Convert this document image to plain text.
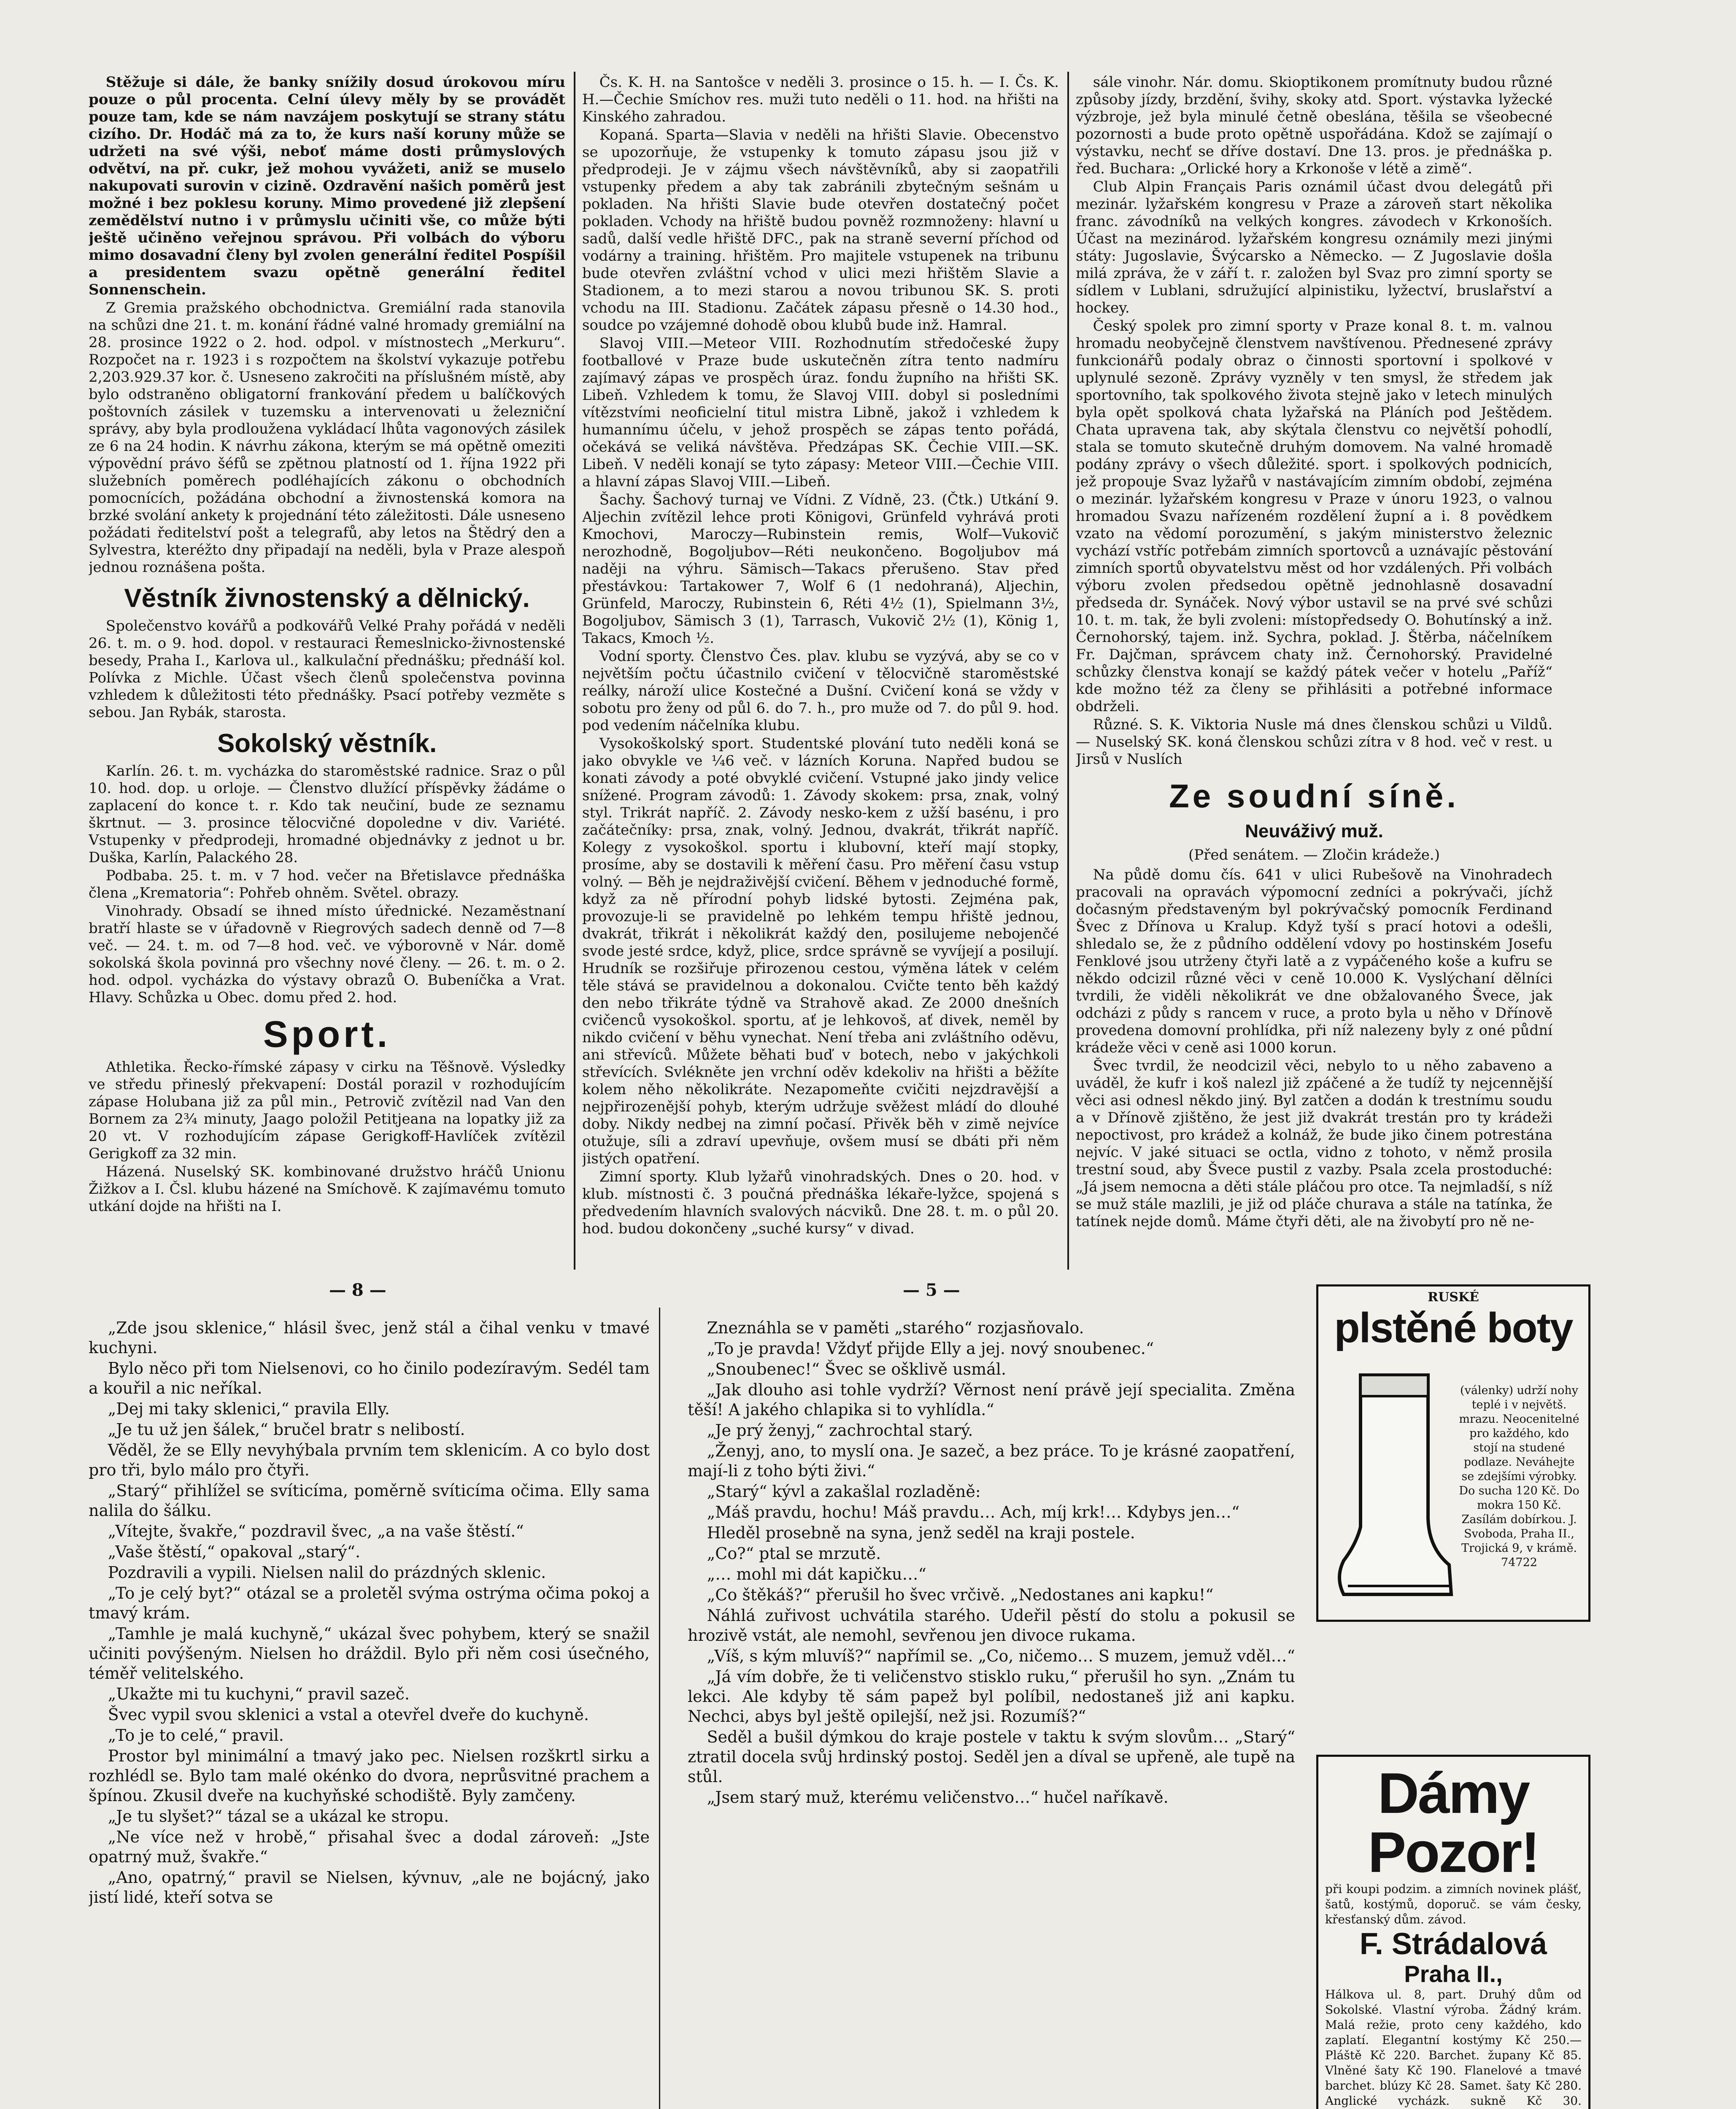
Stěžuje si dále, že banky snížily dosud úrokovou míru pouze o půl procenta. Celní úlevy měly by se provádět pouze tam, kde se nám navzájem poskytují se strany státu cizího. Dr. Hodáč má za to, že kurs naší koruny může se udržeti na své výši, neboť máme dosti průmyslových odvětví, na př. cukr, jež mohou vyvážeti, aniž se muselo nakupovati surovin v cizině. Ozdravění našich poměrů jest možné i bez poklesu koruny. Mimo provedené již zlepšení zemědělství nutno i v průmyslu učiniti vše, co může býti ještě učiněno veřejnou správou. Při volbách do výboru mimo dosavadní členy byl zvolen generální ředitel Pospíšil a presidentem svazu opětně generální ředitel Sonnenschein.

Z Gremia pražského obchodnictva. Gremiální rada stanovila na schůzi dne 21. t. m. konání řádné valné hromady gremiální na 28. prosince 1922 o 2. hod. odpol. v místnostech „Merkuru“. Rozpočet na r. 1923 i s rozpočtem na školství vykazuje potřebu 2,203.929.37 kor. č. Usneseno zakročiti na příslušném místě, aby bylo odstraněno obligatorní frankování předem u balíčkových poštovních zásilek v tuzemsku a intervenovati u železniční správy, aby byla prodloužena vykládací lhůta vagonových zásilek ze 6 na 24 hodin. K návrhu zákona, kterým se má opětně omeziti výpovědní právo šéfů se zpětnou platností od 1. října 1922 při služebních poměrech podléhajících zákonu o obchodních pomocnících, požádána obchodní a živnostenská komora na brzké svolání ankety k projednání této záležitosti. Dále usneseno požádati ředitelství pošt a telegrafů, aby letos na Štědrý den a Sylvestra, kteréžto dny připadají na neděli, byla v Praze alespoň jednou roznášena pošta.

Věstník živnostenský a dělnický.

Společenstvo kovářů a podkovářů Velké Prahy pořádá v neděli 26. t. m. o 9. hod. dopol. v restauraci Řemeslnicko-živnostenské besedy, Praha I., Karlova ul., kalkulační přednášku; přednáší kol. Polívka z Michle. Účast všech členů společenstva povinna vzhledem k důležitosti této přednášky. Psací potřeby vezměte s sebou. Jan Rybák, starosta.

Sokolský věstník.

Karlín. 26. t. m. vycházka do staroměstské radnice. Sraz o půl 10. hod. dop. u orloje. — Členstvo dlužící příspěvky žádáme o zaplacení do konce t. r. Kdo tak neučiní, bude ze seznamu škrtnut. — 3. prosince tělocvičné dopoledne v div. Variété. Vstupenky v předprodeji, hromadné objednávky z jednot u br. Duška, Karlín, Palackého 28.

Podbaba. 25. t. m. v 7 hod. večer na Břetislavce přednáška člena „Krematoria“: Pohřeb ohněm. Světel. obrazy.

Vinohrady. Obsadí se ihned místo úřednické. Nezaměstnaní bratří hlaste se v úřadovně v Riegrových sadech denně od 7—8 več. — 24. t. m. od 7—8 hod. več. ve výborovně v Nár. domě sokolská škola povinná pro všechny nové členy. — 26. t. m. o 2. hod. odpol. vycházka do výstavy obrazů O. Bubeníčka a Vrat. Hlavy. Schůzka u Obec. domu před 2. hod.

Sport.

Athletika. Řecko-římské zápasy v cirku na Těšnově. Výsledky ve středu přineslý překvapení: Dostál porazil v rozhodujícím zápase Holubana již za půl min., Petrovič zvítězil nad Van den Bornem za 2¾ minuty, Jaago položil Petitjeana na lopatky již za 20 vt. V rozhodujícím zápase Gerigkoff-Havlíček zvítězil Gerigkoff za 32 min.

Házená. Nuselský SK. kombinované družstvo hráčů Unionu Žižkov a I. Čsl. klubu házené na Smíchově. K zajímavému tomuto utkání dojde na hřišti na I.

Čs. K. H. na Santošce v neděli 3. prosince o 15. h. — I. Čs. K. H.—Čechie Smíchov res. muži tuto neděli o 11. hod. na hřišti na Kinského zahradou.

Kopaná. Sparta—Slavia v neděli na hřišti Slavie. Obecenstvo se upozorňuje, že vstupenky k tomuto zápasu jsou již v předprodeji. Je v zájmu všech návštěvníků, aby si zaopatřili vstupenky předem a aby tak zabránili zbytečným sešnám u pokladen. Na hřišti Slavie bude otevřen dostatečný počet pokladen. Vchody na hřiště budou povněž rozmnoženy: hlavní u sadů, další vedle hřiště DFC., pak na straně severní příchod od vodárny a training. hřištěm. Pro majitele vstupenek na tribunu bude otevřen zvláštní vchod v ulici mezi hřištěm Slavie a Stadionem, a to mezi starou a novou tribunou SK. S. proti vchodu na III. Stadionu. Začátek zápasu přesně o 14.30 hod., soudce po vzájemné dohodě obou klubů bude inž. Hamral.

Slavoj VIII.—Meteor VIII. Rozhodnutím středočeské župy footballové v Praze bude uskutečněn zítra tento nadmíru zajímavý zápas ve prospěch úraz. fondu župního na hřišti SK. Libeň. Vzhledem k tomu, že Slavoj VIII. dobyl si posledními vítězstvími neoficielní titul mistra Libně, jakož i vzhledem k humannímu účelu, v jehož prospěch se zápas tento pořádá, očekává se veliká návštěva. Předzápas SK. Čechie VIII.—SK. Libeň. V neděli konají se tyto zápasy: Meteor VIII.—Čechie VIII. a hlavní zápas Slavoj VIII.—Libeň.

Šachy. Šachový turnaj ve Vídni. Z Vídně, 23. (Čtk.) Utkání 9. Aljechin zvítězil lehce proti Königovi, Grünfeld vyhrává proti Kmochovi, Maroczy—Rubinstein remis, Wolf—Vukovič nerozhodně, Bogoljubov—Réti neukončeno. Bogoljubov má naději na výhru. Sämisch—Takacs přerušeno. Stav před přestávkou: Tartakower 7, Wolf 6 (1 nedohraná), Aljechin, Grünfeld, Maroczy, Rubinstein 6, Réti 4½ (1), Spielmann 3½, Bogoljubov, Sämisch 3 (1), Tarrasch, Vukovič 2½ (1), König 1, Takacs, Kmoch ½.

Vodní sporty. Členstvo Čes. plav. klubu se vyzývá, aby se co v největším počtu účastnilo cvičení v tělocvičně staroměstské reálky, nároží ulice Kostečné a Dušní. Cvičení koná se vždy v sobotu pro ženy od půl 6. do 7. h., pro muže od 7. do půl 9. hod. pod vedením náčelníka klubu.

Vysokoškolský sport. Studentské plování tuto neděli koná se jako obvykle ve ¼6 več. v lázních Koruna. Napřed budou se konati závody a poté obvyklé cvičení. Vstupné jako jindy velice snížené. Program závodů: 1. Závody skokem: prsa, znak, volný styl. Trikrát napříč. 2. Závody nesko-kem z užší basénu, i pro začátečníky: prsa, znak, volný. Jednou, dvakrát, třikrát napříč. Kolegy z vysokoškol. sportu i klubovní, kteří mají stopky, prosíme, aby se dostavili k měření času. Pro měření času vstup volný. — Běh je nejdraživější cvičení. Během v jednoduché formě, když za ně přírodní pohyb lidské bytosti. Zejména pak, provozuje-li se pravidelně po lehkém tempu hřiště jednou, dvakrát, třikrát i několikrát každý den, posilujeme nebojenčé svode jesté srdce, když, plice, srdce správně se vyvíjejí a posilují. Hrudník se rozšiřuje přirozenou cestou, výměna látek v celém těle stává se pravidelnou a dokonalou. Cvičte tento běh každý den nebo třikráte týdně va Strahově akad. Ze 2000 dnešních cvičenců vysokoškol. sportu, ať je lehkovoš, ať divek, neměl by nikdo cvičení v běhu vynechat. Není třeba ani zvláštního oděvu, ani střevíců. Můžete běhati buď v botech, nebo v jakýchkoli střevících. Svlékněte jen vrchní oděv kdekoliv na hřišti a běžíte kolem něho několikráte. Nezapomeňte cvičiti nejzdravější a nejpřirozenější pohyb, kterým udržuje svěžest mládí do dlouhé doby. Nikdy nedbej na zimní počasí. Přivěk běh v zimě nejvíce otužuje, síli a zdraví upevňuje, ovšem musí se dbáti při něm jistých opatření.

Zimní sporty. Klub lyžařů vinohradských. Dnes o 20. hod. v klub. místnosti č. 3 poučná přednáška lékaře-lyžce, spojená s předvedením hlavních svalových nácviků. Dne 28. t. m. o půl 20. hod. budou dokončeny „suché kursy“ v divad.

sále vinohr. Nár. domu. Skioptikonem promítnuty budou různé způsoby jízdy, brzdění, švihy, skoky atd. Sport. výstavka lyžecké výzbroje, jež byla minulé četně obeslána, těšila se všeobecné pozornosti a bude proto opětně uspořádána. Kdož se zajímají o výstavku, nechť se dříve dostaví. Dne 13. pros. je přednáška p. řed. Buchara: „Orlické hory a Krkonoše v létě a zimě“.

Club Alpin Français Paris oznámil účast dvou delegátů při mezinár. lyžařském kongresu v Praze a zároveň start několika franc. závodníků na velkých kongres. závodech v Krkonoších. Účast na mezinárod. lyžařském kongresu oznámily mezi jinými státy: Jugoslavie, Švýcarsko a Německo. — Z Jugoslavie došla milá zpráva, že v září t. r. založen byl Svaz pro zimní sporty se sídlem v Lublani, sdružující alpinistiku, lyžectví, bruslařství a hockey.

Český spolek pro zimní sporty v Praze konal 8. t. m. valnou hromadu neobyčejně členstvem navštívenou. Přednesené zprávy funkcionářů podaly obraz o činnosti sportovní i spolkové v uplynulé sezoně. Zprávy vyzněly v ten smysl, že středem jak sportovního, tak spolkového života stejně jako v letech minulých byla opět spolková chata lyžařská na Pláních pod Ještědem. Chata upravena tak, aby skýtala členstvu co největší pohodlí, stala se tomuto skutečně druhým domovem. Na valné hromadě podány zprávy o všech důležité. sport. i spolkových podnicích, jež propouje Svaz lyžařů v nastávajícím zimním období, zejména o mezinár. lyžařském kongresu v Praze v únoru 1923, o valnou hromadou Svazu nařízeném rozdělení župní a i. 8 povědkem vzato na vědomí porozumění, s jakým ministerstvo železnic vychází vstříc potřebám zimních sportovců a uznávajíc pěstování zimních sportů obyvatelstvu měst od hor vzdálených. Při volbách výboru zvolen předsedou opětně jednohlasně dosavadní předseda dr. Synáček. Nový výbor ustavil se na prvé své schůzi 10. t. m. tak, že byli zvoleni: místopředsedy O. Bohutínský a inž. Černohorský, tajem. inž. Sychra, poklad. J. Štěrba, náčelníkem Fr. Dajčman, správcem chaty inž. Černohorský. Pravidelné schůzky členstva konají se každý pátek večer v hotelu „Paříž“ kde možno též za členy se přihlásiti a potřebné informace obdrželi.

Různé. S. K. Viktoria Nusle má dnes členskou schůzi u Vildů. — Nuselský SK. koná členskou schůzi zítra v 8 hod. več v rest. u Jirsů v Nuslích

Ze soudní síně.
Neuváživý muž.
(Před senátem. — Zločin krádeže.)

Na půdě domu čís. 641 v ulici Rubešově na Vinohradech pracovali na opravách výpomocní zedníci a pokrývači, jíchž dočasným představeným byl pokrývačský pomocník Ferdinand Švec z Dřínova u Kralup. Když tyší s prací hotovi a odešli, shledalo se, že z půdního oddělení vdovy po hostinském Josefu Fenklové jsou utrženy čtyři latě a z vypáčeného koše a kufru se někdo odcizil různé věci v ceně 10.000 K. Vyslýchaní dělníci tvrdili, že viděli několikrát ve dne obžalovaného Švece, jak odcházi z půdy s rancem v ruce, a proto byla u něho v Dřínově provedena domovní prohlídka, při níž nalezeny byly z oné půdní krádeže věci v ceně asi 1000 korun.

Švec tvrdil, že neodcizil věci, nebylo to u něho zabaveno a uváděl, že kufr i koš nalezl již zpáčené a že tudíž ty nejcennější věci asi odnesl někdo jiný. Byl zatčen a dodán k trestnímu soudu a v Dřínově zjištěno, že jest již dvakrát trestán pro ty krádeži nepoctivost, pro krádež a kolnáž, že bude jiko činem potrestána nejvíc. V jaké situaci se octla, vidno z tohoto, v němž prosila trestní soud, aby Švece pustil z vazby. Psala zcela prostoduché: „Já jsem nemocna a děti stále pláčou pro otce. Ta nejmladší, s níž se muž stále mazlili, je již od pláče churava a stále na tatínka, že tatínek nejde domů. Máme čtyři děti, ale na živobytí pro ně ne-

— 8 —	— 5 —

„Zde jsou sklenice,“ hlásil švec, jenž stál a čihal venku v tmavé kuchyni.

Bylo něco při tom Nielsenovi, co ho činilo podezíravým. Sedél tam a kouřil a nic neříkal.

„Dej mi taky sklenici,“ pravila Elly.

„Je tu už jen šálek,“ bručel bratr s nelibostí.

Věděl, že se Elly nevyhýbala prvním tem sklenicím. A co bylo dost pro tři, bylo málo pro čtyři.

„Starý“ přihlížel se svíticíma, poměrně svíticíma očima. Elly sama nalila do šálku.

„Vítejte, švakře,“ pozdravil švec, „a na vaše štěstí.“

„Vaše štěstí,“ opakoval „starý“.

Pozdravili a vypili. Nielsen nalil do prázdných sklenic.

„To je celý byt?“ otázal se a proletěl svýma ostrýma očima pokoj a tmavý krám.

„Tamhle je malá kuchyně,“ ukázal švec pohybem, který se snažil učiniti povýšeným. Nielsen ho dráždil. Bylo při něm cosi úsečného, téměř velitelského.

„Ukažte mi tu kuchyni,“ pravil sazeč.

Švec vypil svou sklenici a vstal a otevřel dveře do kuchyně.

„To je to celé,“ pravil.

Prostor byl minimální a tmavý jako pec. Nielsen rozškrtl sirku a rozhlédl se. Bylo tam malé okénko do dvora, neprůsvitné prachem a špínou. Zkusil dveře na kuchyňské schodiště. Byly zamčeny.

„Je tu slyšet?“ tázal se a ukázal ke stropu.

„Ne více než v hrobě,“ přisahal švec a dodal zároveň: „Jste opatrný muž, švakře.“

„Ano, opatrný,“ pravil se Nielsen, kývnuv, „ale ne bojácný, jako jistí lidé, kteří sotva se

Zneznáhla se v paměti „starého“ rozjasňovalo.

„To je pravda! Vždyť přijde Elly a jej. nový snoubenec.“

„Snoubenec!“ Švec se ošklivě usmál.

„Jak dlouho asi tohle vydrží? Věrnost není právě její specialita. Změna těší! A jakého chlapika si to vyhlídla.“

„Je prý ženyj,“ zachrochtal starý.

„Ženyj, ano, to myslí ona. Je sazeč, a bez práce. To je krásné zaopatření, mají-li z toho býti živi.“

„Starý“ kývl a zakašlal rozladěně:

„Máš pravdu, hochu! Máš pravdu… Ach, míj krk!… Kdybys jen…“

Hleděl prosebně na syna, jenž seděl na kraji postele.

„Co?“ ptal se mrzutě.

„… mohl mi dát kapičku…“

„Co štěkáš?“ přerušil ho švec vrčivě. „Nedostanes ani kapku!“

Náhlá zuřivost uchvátila starého. Udeřil pěstí do stolu a pokusil se hrozivě vstát, ale nemohl, sevřenou jen divoce rukama.

„Víš, s kým mluvíš?“ napřímil se. „Co, ničemo… S muzem, jemuž vděl…“

„Já vím dobře, že ti veličenstvo stisklo ruku,“ přerušil ho syn. „Znám tu lekci. Ale kdyby tě sám papež byl políbil, nedostaneš již ani kapku. Nechci, abys byl ještě opilejší, než jsi. Rozumíš?“

Seděl a bušil dýmkou do kraje postele v taktu k svým slovům… „Starý“ ztratil docela svůj hrdinský postoj. Seděl jen a díval se upřeně, ale tupě na stůl.

„Jsem starý muž, kterému veličenstvo…“ hučel naříkavě.

RUSKÉ
plstěné boty
(válenky) udrží nohy teplé i v největš. mrazu. Neocenitelné pro každého, kdo stojí na studené podlaze. Neváhejte se zdejšími výrobky. Do sucha 120 Kč. Do mokra 150 Kč. Zasílám dobírkou. J. Svoboda, Praha II., Trojická 9, v krámě. 74722
Dámy Pozor!
při koupi podzim. a zimních novinek plášť, šatů, kostýmů, doporuč. se vám česky, křesťanský dům. závod.
F. Strádalová
Praha II.,
Hálkova ul. 8, part. Druhý dům od Sokolské. Vlastní výroba. Žádný krám. Malá režie, proto ceny každého, kdo zaplatí. Elegantní kostýmy Kč 250.— Pláště Kč 220. Barchet. župany Kč 85. Vlněné šaty Kč 190. Flanelové a tmavé barchet. blúzy Kč 28. Samet. šaty Kč 280. Anglické vycházk. sukně Kč 30.
